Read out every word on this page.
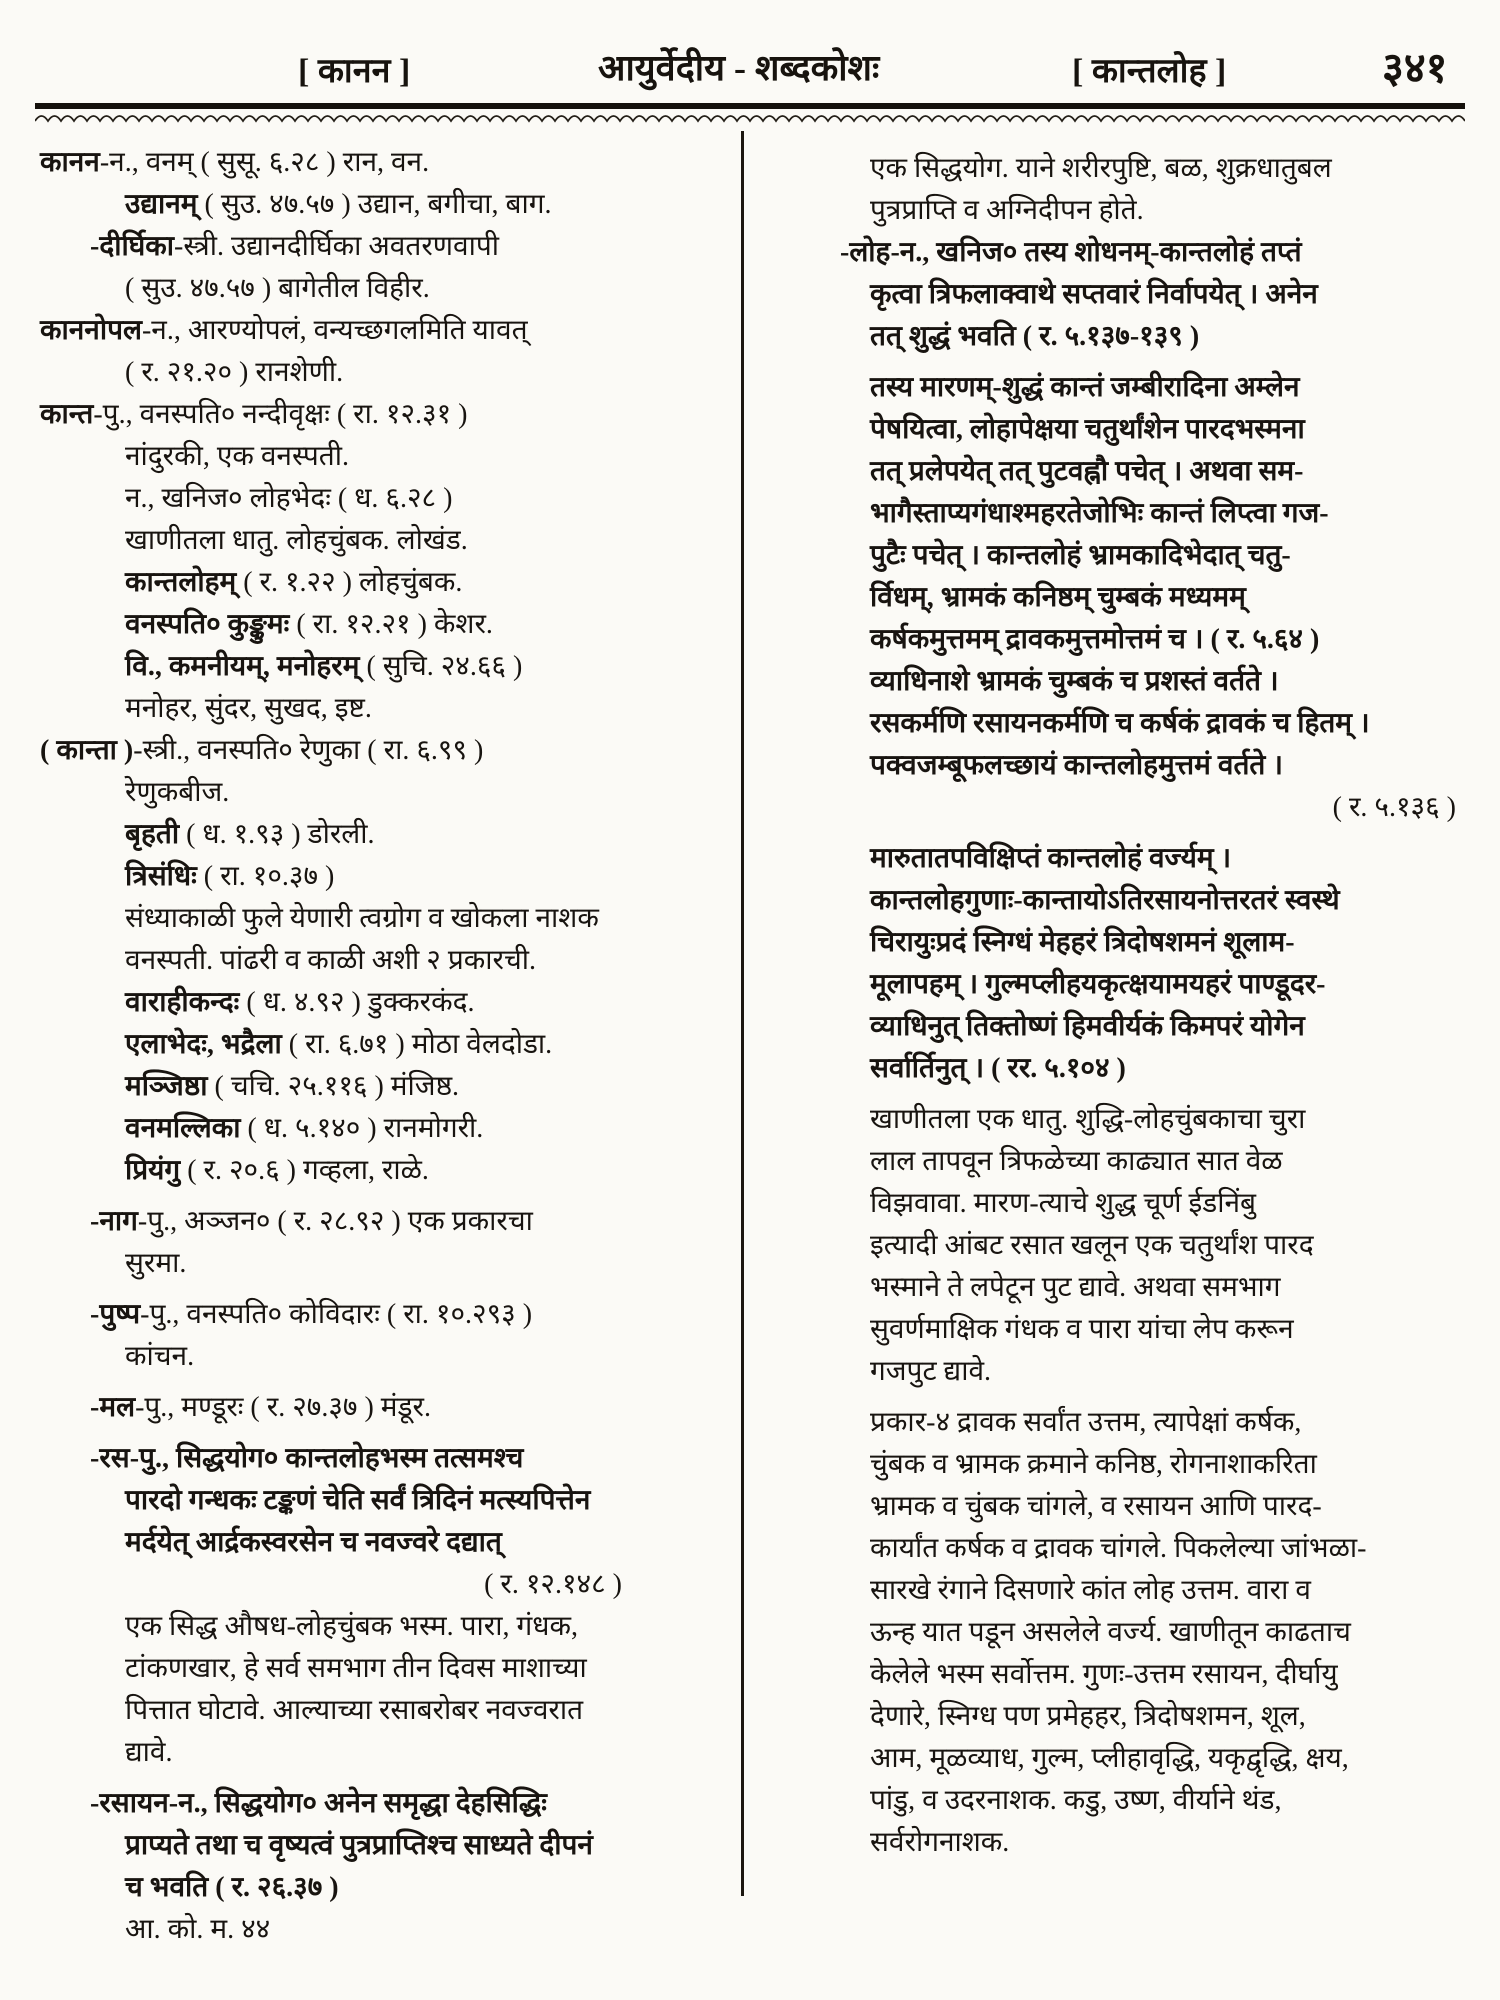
[ कानन ]	आयुर्वेदीय - शब्दकोशः	[ कान्तलोह ]	३४१
कानन-न., वनम् ( सुसू. ६.२८ ) रान, वन.
उद्यानम् ( सुउ. ४७.५७ ) उद्यान, बगीचा, बाग.
-दीर्घिका-स्त्री. उद्यानदीर्घिका अवतरणवापी
( सुउ. ४७.५७ ) बागेतील विहीर.
काननोपल-न., आरण्योपलं, वन्यच्छगलमिति यावत्
( र. २१.२० ) रानशेणी.
कान्त-पु., वनस्पति० नन्दीवृक्षः ( रा. १२.३१ )
नांदुरकी, एक वनस्पती.
न., खनिज० लोहभेदः ( ध. ६.२८ )
खाणीतला धातु. लोहचुंबक. लोखंड.
कान्तलोहम् ( र. १.२२ ) लोहचुंबक.
वनस्पति० कुङ्कुमः ( रा. १२.२१ ) केशर.
वि., कमनीयम्, मनोहरम् ( सुचि. २४.६६ )
मनोहर, सुंदर, सुखद, इष्ट.
( कान्ता )-स्त्री., वनस्पति० रेणुका ( रा. ६.९९ )
रेणुकबीज.
बृहती ( ध. १.९३ ) डोरली.
त्रिसंधिः ( रा. १०.३७ )
संध्याकाळी फुले येणारी त्वग्रोग व खोकला नाशक
वनस्पती. पांढरी व काळी अशी २ प्रकारची.
वाराहीकन्दः ( ध. ४.९२ ) डुक्करकंद.
एलाभेदः, भद्रैला ( रा. ६.७१ ) मोठा वेलदोडा.
मञ्जिष्ठा ( चचि. २५.११६ ) मंजिष्ठ.
वनमल्लिका ( ध. ५.१४० ) रानमोगरी.
प्रियंगु ( र. २०.६ ) गव्हला, राळे.
-नाग-पु., अञ्जन० ( र. २८.९२ ) एक प्रकारचा
सुरमा.
-पुष्प-पु., वनस्पति० कोविदारः ( रा. १०.२९३ )
कांचन.
-मल-पु., मण्डूरः ( र. २७.३७ ) मंडूर.
-रस-पु., सिद्धयोग० कान्तलोहभस्म तत्समश्च
पारदो गन्धकः टङ्कणं चेति सर्वं त्रिदिनं मत्स्यपित्तेन
मर्दयेत् आर्द्रकस्वरसेन च नवज्वरे दद्यात्
( र. १२.१४८ )
एक सिद्ध औषध-लोहचुंबक भस्म. पारा, गंधक,
टांकणखार, हे सर्व समभाग तीन दिवस माशाच्या
पित्तात घोटावे. आल्याच्या रसाबरोबर नवज्वरात
द्यावे.
-रसायन-न., सिद्धयोग० अनेन समृद्धा देहसिद्धिः
प्राप्यते तथा च वृष्यत्वं पुत्रप्राप्तिश्च साध्यते दीपनं
च भवति ( र. २६.३७ )
आ. को. म. ४४
एक सिद्धयोग. याने शरीरपुष्टि, बळ, शुक्रधातुबल
पुत्रप्राप्ति व अग्निदीपन होते.
-लोह-न., खनिज० तस्य शोधनम्-कान्तलोहं तप्तं
कृत्वा त्रिफलाक्वाथे सप्तवारं निर्वापयेत् । अनेन
तत् शुद्धं भवति ( र. ५.१३७-१३९ )
तस्य मारणम्-शुद्धं कान्तं जम्बीरादिना अम्लेन
पेषयित्वा, लोहापेक्षया चतुर्थांशेन पारदभस्मना
तत् प्रलेपयेत् तत् पुटवह्नौ पचेत् । अथवा सम-
भागैस्ताप्यगंधाश्महरतेजोभिः कान्तं लिप्त्वा गज-
पुटैः पचेत् । कान्तलोहं भ्रामकादिभेदात् चतु-
र्विधम्, भ्रामकं कनिष्ठम् चुम्बकं मध्यमम्
कर्षकमुत्तमम् द्रावकमुत्तमोत्तमं च । ( र. ५.६४ )
व्याधिनाशे भ्रामकं चुम्बकं च प्रशस्तं वर्तते ।
रसकर्मणि रसायनकर्मणि च कर्षकं द्रावकं च हितम् ।
पक्वजम्बूफलच्छायं कान्तलोहमुत्तमं वर्तते ।
( र. ५.१३६ )
मारुतातपविक्षिप्तं कान्तलोहं वर्ज्यम् ।
कान्तलोहगुणाः-कान्तायोऽतिरसायनोत्तरतरं स्वस्थे
चिरायुःप्रदं स्निग्धं मेहहरं त्रिदोषशमनं शूलाम-
मूलापहम् । गुल्मप्लीहयकृत्क्षयामयहरं पाण्डूदर-
व्याधिनुत् तिक्तोष्णं हिमवीर्यकं किमपरं योगेन
सर्वार्तिनुत् । ( रर. ५.१०४ )
खाणीतला एक धातु. शुद्धि-लोहचुंबकाचा चुरा
लाल तापवून त्रिफळेच्या काढ्यात सात वेळ
विझवावा. मारण-त्याचे शुद्ध चूर्ण ईडनिंबु
इत्यादी आंबट रसात खलून एक चतुर्थांश पारद
भस्माने ते लपेटून पुट द्यावे. अथवा समभाग
सुवर्णमाक्षिक गंधक व पारा यांचा लेप करून
गजपुट द्यावे.
प्रकार-४ द्रावक सर्वांत उत्तम, त्यापेक्षां कर्षक,
चुंबक व भ्रामक क्रमाने कनिष्ठ, रोगनाशाकरिता
भ्रामक व चुंबक चांगले, व रसायन आणि पारद-
कार्यांत कर्षक व द्रावक चांगले. पिकलेल्या जांभळा-
सारखे रंगाने दिसणारे कांत लोह उत्तम. वारा व
ऊन्ह यात पडून असलेले वर्ज्य. खाणीतून काढताच
केलेले भस्म सर्वोत्तम. गुणः-उत्तम रसायन, दीर्घायु
देणारे, स्निग्ध पण प्रमेहहर, त्रिदोषशमन, शूल,
आम, मूळव्याध, गुल्म, प्लीहावृद्धि, यकृद्वृद्धि, क्षय,
पांडु, व उदरनाशक. कडु, उष्ण, वीर्याने थंड,
सर्वरोगनाशक.
